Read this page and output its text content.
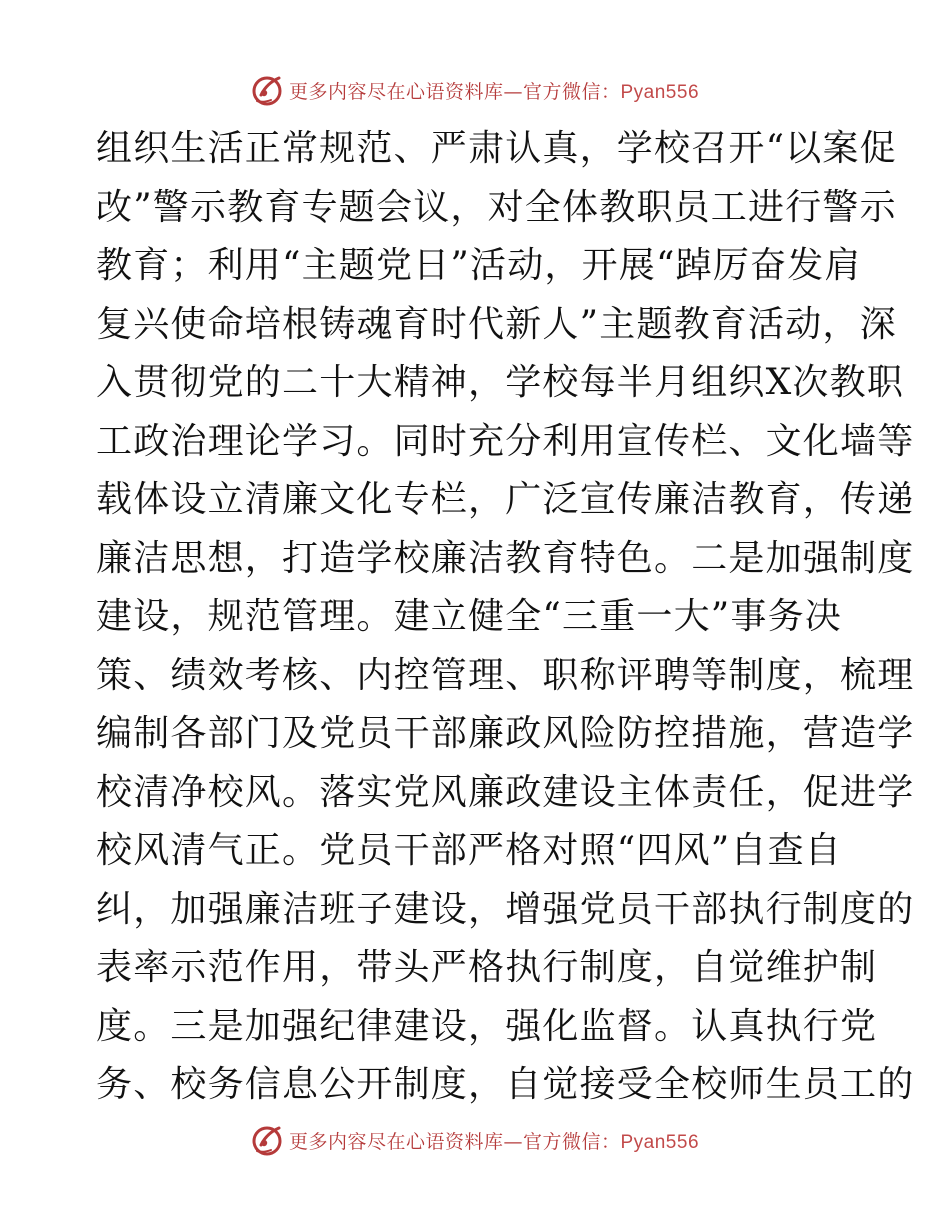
更多内容尽在心语资料库—官方微信：Pyan556
组织生活正常规范、严肃认真，学校召开“以案促
改”警示教育专题会议，对全体教职员工进行警示
教育；利用“主题党日”活动，开展“踔厉奋发肩
复兴使命培根铸魂育时代新人”主题教育活动，深
入贯彻党的二十大精神，学校每半月组织X次教职
工政治理论学习。同时充分利用宣传栏、文化墙等
载体设立清廉文化专栏，广泛宣传廉洁教育，传递
廉洁思想，打造学校廉洁教育特色。二是加强制度
建设，规范管理。建立健全“三重一大”事务决
策、绩效考核、内控管理、职称评聘等制度，梳理
编制各部门及党员干部廉政风险防控措施，营造学
校清净校风。落实党风廉政建设主体责任，促进学
校风清气正。党员干部严格对照“四风”自查自
纠，加强廉洁班子建设，增强党员干部执行制度的
表率示范作用，带头严格执行制度，自觉维护制
度。三是加强纪律建设，强化监督。认真执行党
务、校务信息公开制度，自觉接受全校师生员工的
更多内容尽在心语资料库—官方微信：Pyan556
